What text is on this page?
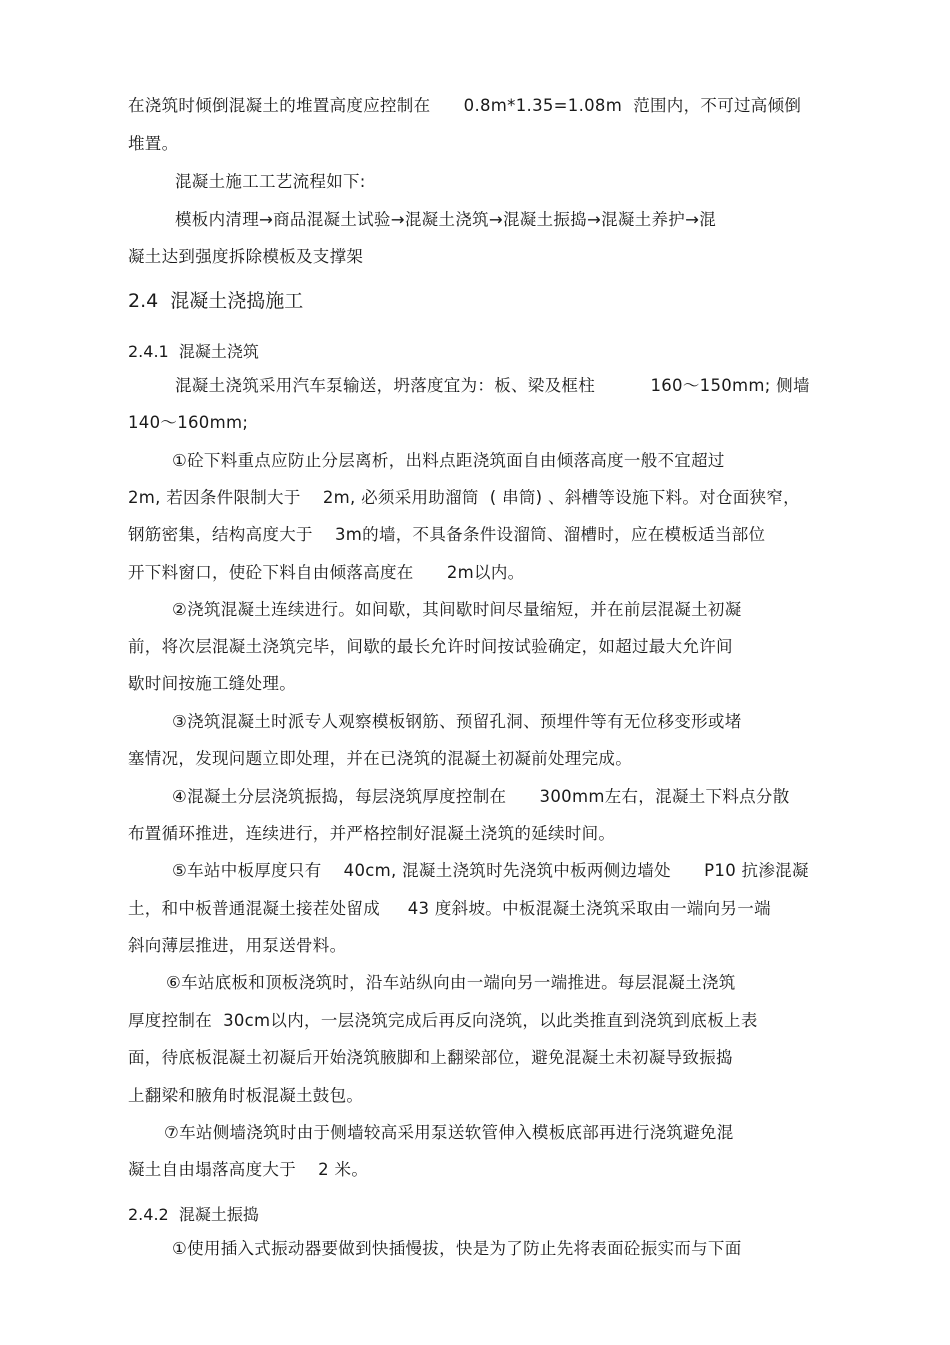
在浇筑时倾倒混凝土的堆置高度应控制在      0.8m*1.35=1.08m  范围内，不可过高倾倒
堆置。
混凝土施工工艺流程如下:
模板内清理→商品混凝土试验→混凝土浇筑→混凝土振捣→混凝土养护→混
凝土达到强度拆除模板及支撑架
2.4  混凝土浇捣施工
2.4.1  混凝土浇筑
混凝土浇筑采用汽车泵输送，坍落度宜为：板、梁及框柱          160～150mm; 侧墙
140～160mm;
①砼下料重点应防止分层离析，出料点距浇筑面自由倾落高度一般不宜超过
2m, 若因条件限制大于    2m, 必须采用助溜筒  ( 串筒) 、斜槽等设施下料。对仓面狭窄，
钢筋密集，结构高度大于    3m的墙，不具备条件设溜筒、溜槽时，应在模板适当部位
开下料窗口，使砼下料自由倾落高度在      2m以内。
②浇筑混凝土连续进行。如间歇，其间歇时间尽量缩短，并在前层混凝土初凝
前，将次层混凝土浇筑完毕，间歇的最长允许时间按试验确定，如超过最大允许间
歇时间按施工缝处理。
③浇筑混凝土时派专人观察模板钢筋、预留孔洞、预埋件等有无位移变形或堵
塞情况，发现问题立即处理，并在已浇筑的混凝土初凝前处理完成。
④混凝土分层浇筑振捣，每层浇筑厚度控制在      300mm左右，混凝土下料点分散
布置循环推进，连续进行，并严格控制好混凝土浇筑的延续时间。
⑤车站中板厚度只有    40cm, 混凝土浇筑时先浇筑中板两侧边墙处      P10 抗渗混凝
土，和中板普通混凝土接茬处留成     43 度斜坡。中板混凝土浇筑采取由一端向另一端
斜向薄层推进，用泵送骨料。
⑥车站底板和顶板浇筑时，沿车站纵向由一端向另一端推进。每层混凝土浇筑
厚度控制在  30cm以内，一层浇筑完成后再反向浇筑，以此类推直到浇筑到底板上表
面，待底板混凝土初凝后开始浇筑腋脚和上翻梁部位，避免混凝土未初凝导致振捣
上翻梁和腋角时板混凝土鼓包。
⑦车站侧墙浇筑时由于侧墙较高采用泵送软管伸入模板底部再进行浇筑避免混
凝土自由塌落高度大于    2 米。
2.4.2  混凝土振捣
①使用插入式振动器要做到快插慢拔，快是为了防止先将表面砼振实而与下面
